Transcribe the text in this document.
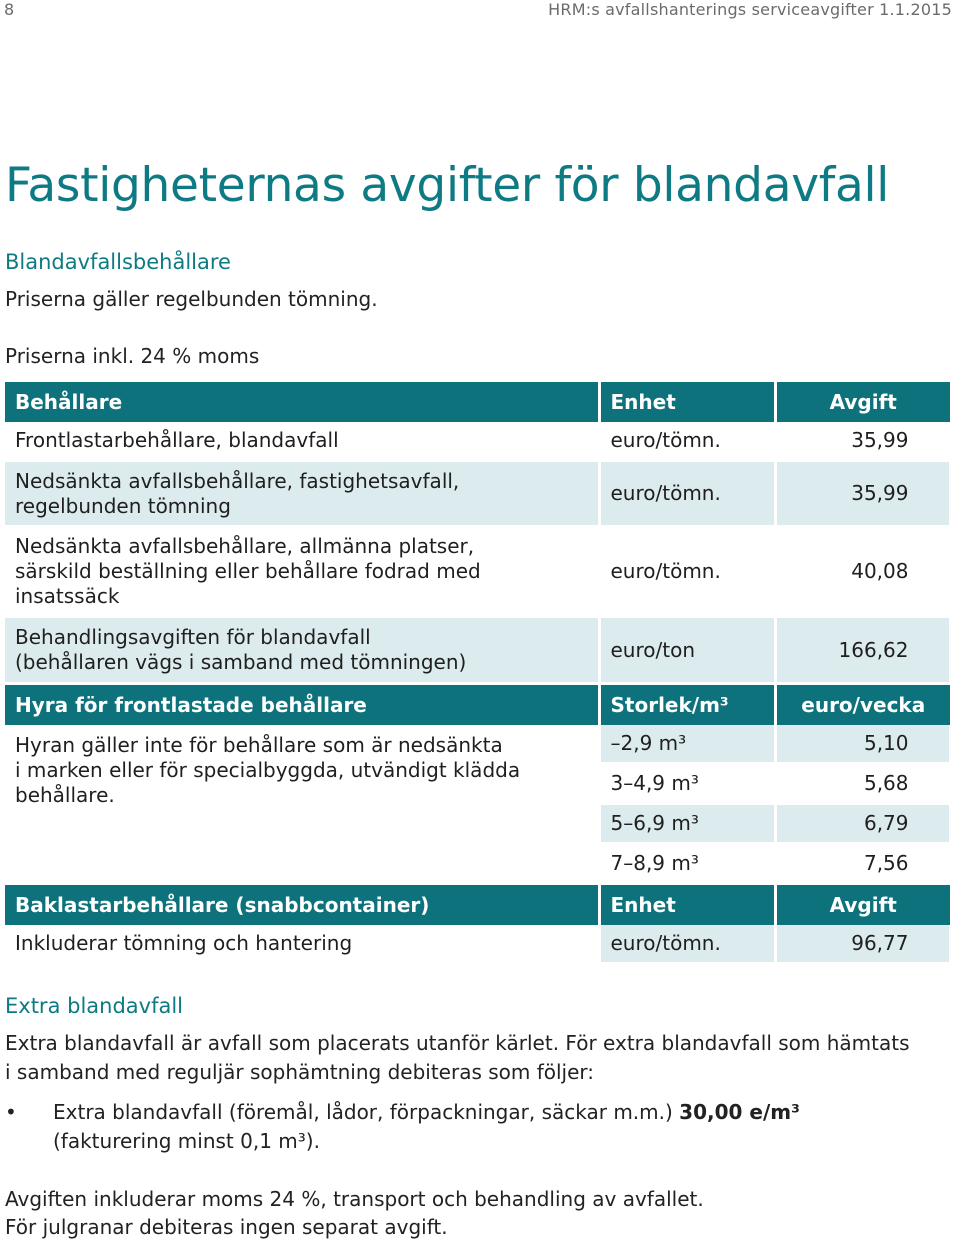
8	HRM:s avfallshanterings serviceavgifter 1.1.2015
Fastigheternas avgifter för blandavfall
Blandavfallsbehållare

Priserna gäller regelbunden tömning.

Priserna inkl. 24 % moms

Behållare	Enhet	Avgift
Frontlastarbehållare, blandavfall	euro/tömn.	35,99
Nedsänkta avfallsbehållare, fastighetsavfall,
regelbunden tömning	euro/tömn.	35,99
Nedsänkta avfallsbehållare, allmänna platser,
särskild beställning eller behållare fodrad med
insatssäck	euro/tömn.	40,08
Behandlingsavgiften för blandavfall
(behållaren vägs i samband med tömningen)	euro/ton	166,62
Hyra för frontlastade behållare	Storlek/m³	euro/vecka
Hyran gäller inte för behållare som är nedsänkta
i marken eller för specialbyggda, utvändigt klädda
behållare.	–2,9 m³	5,10
	3–4,9 m³	5,68
	5–6,9 m³	6,79
	7–8,9 m³	7,56
Baklastarbehållare (snabbcontainer)	Enhet	Avgift
Inkluderar tömning och hantering	euro/tömn.	96,77
Extra blandavfall

Extra blandavfall är avfall som placerats utanför kärlet. För extra blandavfall som hämtats

i samband med reguljär sophämtning debiteras som följer:

• Extra blandavfall (föremål, lådor, förpackningar, säckar m.m.) 30,00 e/m³
(fakturering minst 0,1 m³).

Avgiften inkluderar moms 24 %, transport och behandling av avfallet.

För julgranar debiteras ingen separat avgift.
